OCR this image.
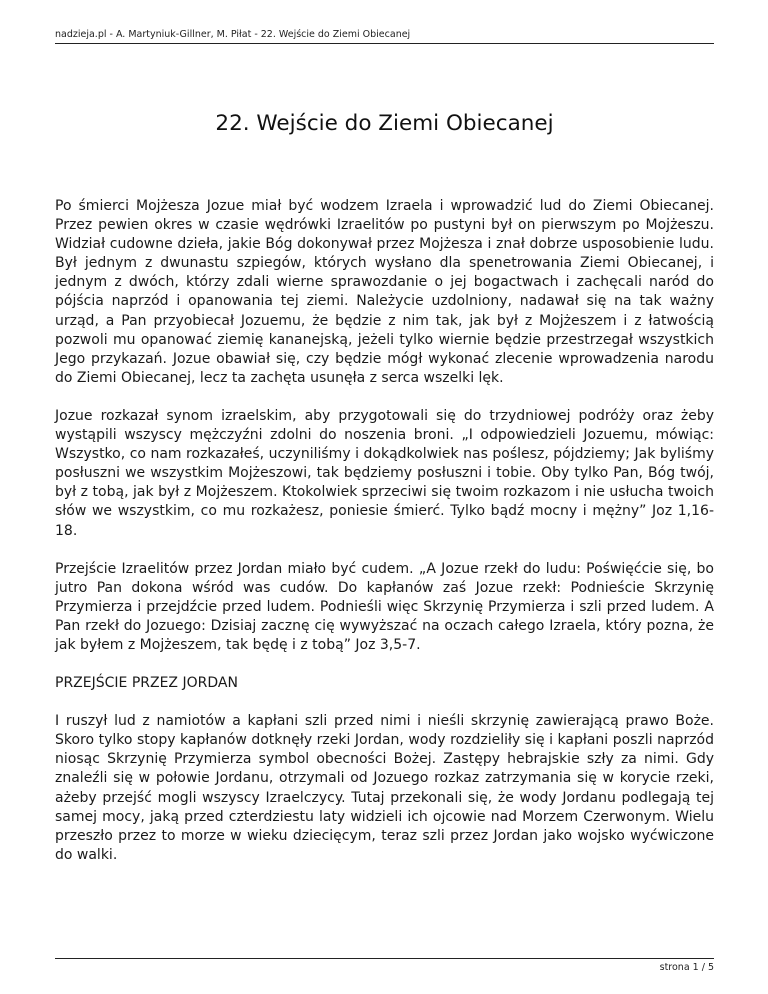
nadzieja.pl - A. Martyniuk-Gillner, M. Piłat - 22. Wejście do Ziemi Obiecanej
22. Wejście do Ziemi Obiecanej

Po śmierci Mojżesza Jozue miał być wodzem Izraela i wprowadzić lud do Ziemi Obiecanej. Przez pewien okres w czasie wędrówki Izraelitów po pustyni był on pierwszym po Mojżeszu. Widział cudowne dzieła, jakie Bóg dokonywał przez Mojżesza i znał dobrze usposobienie ludu. Był jednym z dwunastu szpiegów, których wysłano dla spenetrowania Ziemi Obiecanej, i jednym z dwóch, którzy zdali wierne sprawozdanie o jej bogactwach i zachęcali naród do pójścia naprzód i opanowania tej ziemi. Należycie uzdolniony, nadawał się na tak ważny urząd, a Pan przyobiecał Jozuemu, że będzie z nim tak, jak był z Mojżeszem i z łatwością pozwoli mu opanować ziemię kananejską, jeżeli tylko wiernie będzie przestrzegał wszystkich Jego przykazań. Jozue obawiał się, czy będzie mógł wykonać zlecenie wprowadzenia narodu do Ziemi Obiecanej, lecz ta zachęta usunęła z serca wszelki lęk.

Jozue rozkazał synom izraelskim, aby przygotowali się do trzydniowej podróży oraz żeby wystąpili wszyscy mężczyźni zdolni do noszenia broni. „I odpowiedzieli Jozuemu, mówiąc: Wszystko, co nam rozkazałeś, uczyniliśmy i dokądkolwiek nas poślesz, pójdziemy; Jak byliśmy posłuszni we wszystkim Mojżeszowi, tak będziemy posłuszni i tobie. Oby tylko Pan, Bóg twój, był z tobą, jak był z Mojżeszem. Ktokolwiek sprzeciwi się twoim rozkazom i nie usłucha twoich słów we wszystkim, co mu rozkażesz, poniesie śmierć. Tylko bądź mocny i mężny” Joz 1,16-18.

Przejście Izraelitów przez Jordan miało być cudem. „A Jozue rzekł do ludu: Poświęćcie się, bo jutro Pan dokona wśród was cudów. Do kapłanów zaś Jozue rzekł: Podnieście Skrzynię Przymierza i przejdźcie przed ludem. Podnieśli więc Skrzynię Przymierza i szli przed ludem. A Pan rzekł do Jozuego: Dzisiaj zacznę cię wywyższać na oczach całego Izraela, który pozna, że jak byłem z Mojżeszem, tak będę i z tobą” Joz 3,5-7.

PRZEJŚCIE PRZEZ JORDAN

I ruszył lud z namiotów a kapłani szli przed nimi i nieśli skrzynię zawierającą prawo Boże. Skoro tylko stopy kapłanów dotknęły rzeki Jordan, wody rozdzieliły się i kapłani poszli naprzód niosąc Skrzynię Przymierza symbol obecności Bożej. Zastępy hebrajskie szły za nimi. Gdy znaleźli się w połowie Jordanu, otrzymali od Jozuego rozkaz zatrzymania się w korycie rzeki, ażeby przejść mogli wszyscy Izraelczycy. Tutaj przekonali się, że wody Jordanu podlegają tej samej mocy, jaką przed czterdziestu laty widzieli ich ojcowie nad Morzem Czerwonym. Wielu przeszło przez to morze w wieku dziecięcym, teraz szli przez Jordan jako wojsko wyćwiczone do walki.

strona 1 / 5
